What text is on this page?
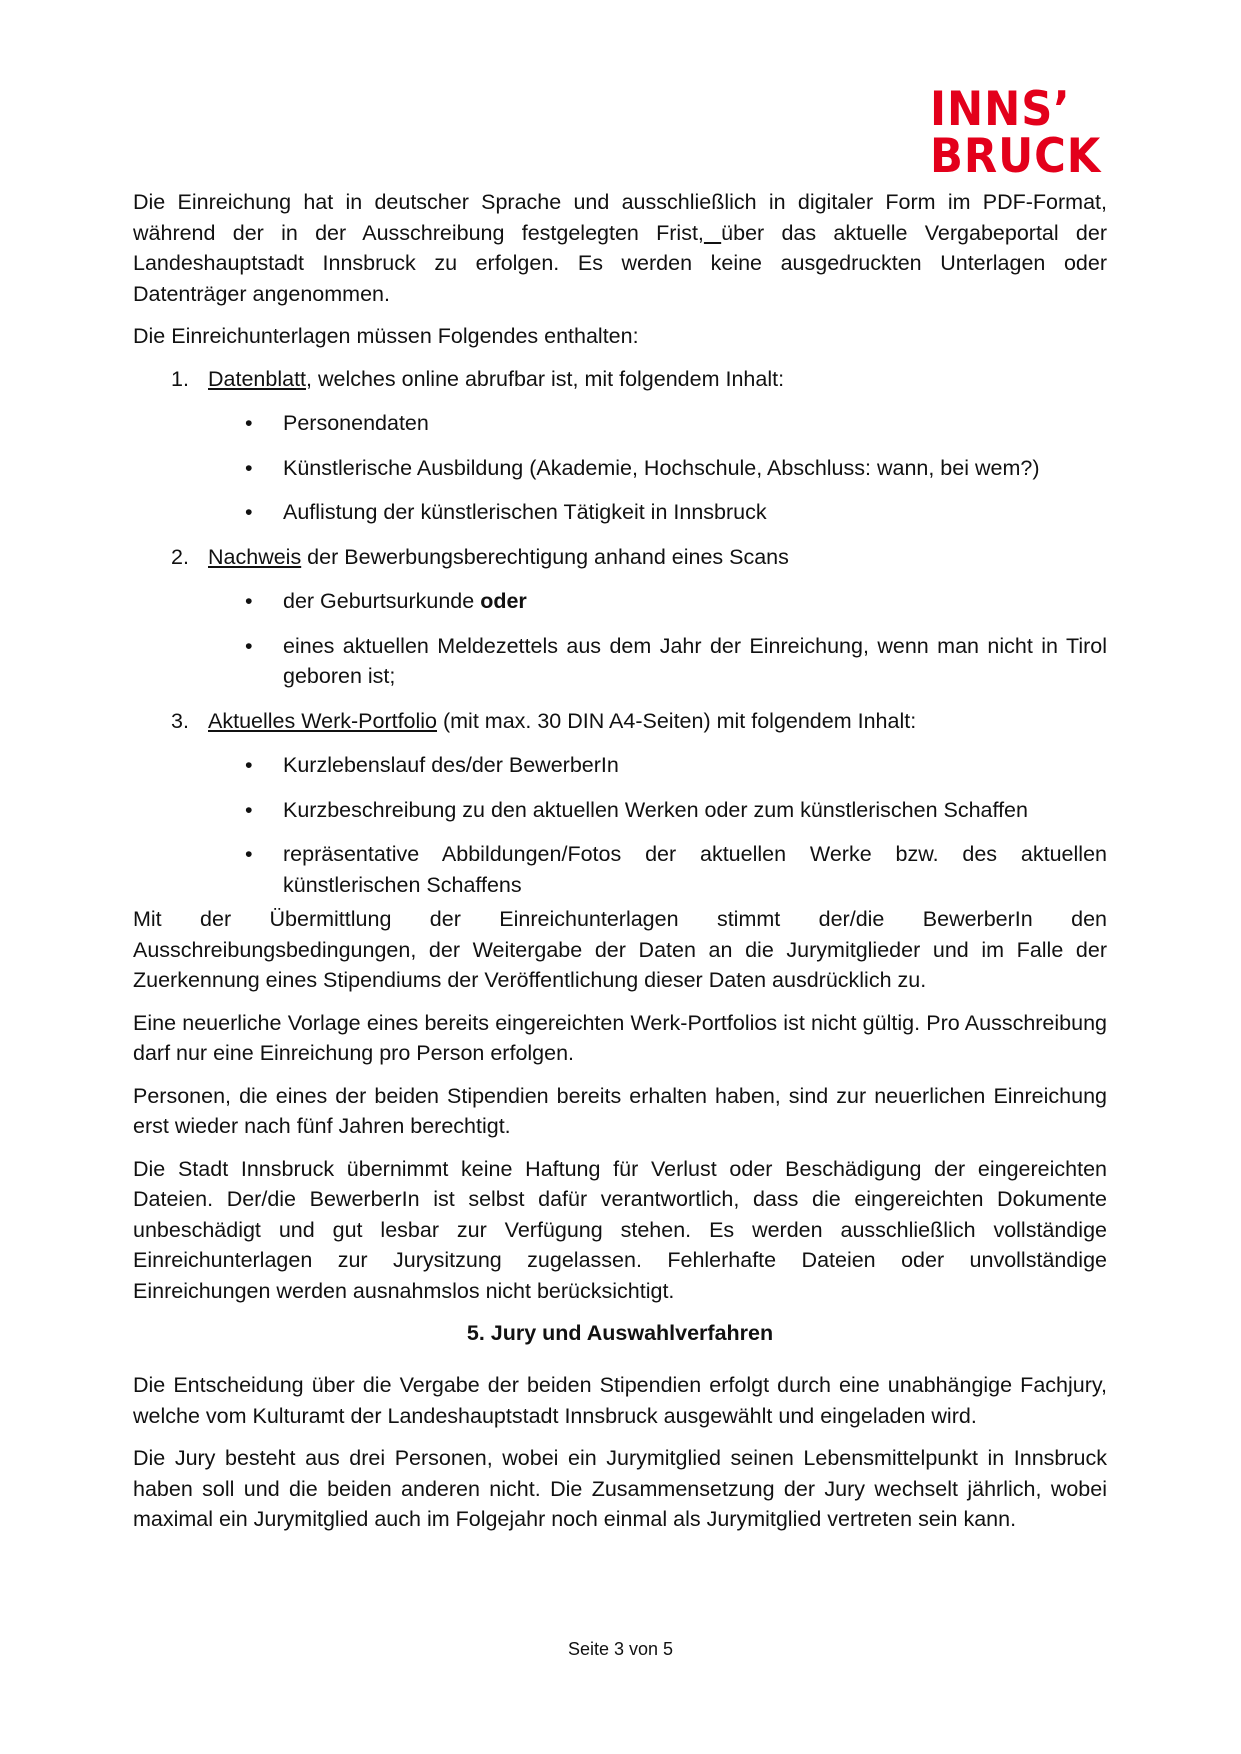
INNS’
BRUCK

Die Einreichung hat in deutscher Sprache und ausschließlich in digitaler Form im PDF-Format, während der in der Ausschreibung festgelegten Frist, über das aktuelle Vergabeportal der Landeshauptstadt Innsbruck zu erfolgen. Es werden keine ausgedruckten Unterlagen oder Datenträger angenommen.

Die Einreichunterlagen müssen Folgendes enthalten:

1. Datenblatt, welches online abrufbar ist, mit folgendem Inhalt:
• Personendaten
• Künstlerische Ausbildung (Akademie, Hochschule, Abschluss: wann, bei wem?)
• Auflistung der künstlerischen Tätigkeit in Innsbruck
2. Nachweis der Bewerbungsberechtigung anhand eines Scans
• der Geburtsurkunde oder
• eines aktuellen Meldezettels aus dem Jahr der Einreichung, wenn man nicht in Tirol geboren ist;
3. Aktuelles Werk-Portfolio (mit max. 30 DIN A4-Seiten) mit folgendem Inhalt:
• Kurzlebenslauf des/der BewerberIn
• Kurzbeschreibung zu den aktuellen Werken oder zum künstlerischen Schaffen
• repräsentative Abbildungen/Fotos der aktuellen Werke bzw. des aktuellen künstlerischen Schaffens

Mit der Übermittlung der Einreichunterlagen stimmt der/die BewerberIn den Ausschreibungsbedingungen, der Weitergabe der Daten an die Jurymitglieder und im Falle der Zuerkennung eines Stipendiums der Veröffentlichung dieser Daten ausdrücklich zu.

Eine neuerliche Vorlage eines bereits eingereichten Werk-Portfolios ist nicht gültig. Pro Ausschreibung darf nur eine Einreichung pro Person erfolgen.

Personen, die eines der beiden Stipendien bereits erhalten haben, sind zur neuerlichen Einreichung erst wieder nach fünf Jahren berechtigt.

Die Stadt Innsbruck übernimmt keine Haftung für Verlust oder Beschädigung der eingereichten Dateien. Der/die BewerberIn ist selbst dafür verantwortlich, dass die eingereichten Dokumente unbeschädigt und gut lesbar zur Verfügung stehen. Es werden ausschließlich vollständige Einreichunterlagen zur Jurysitzung zugelassen. Fehlerhafte Dateien oder unvollständige Einreichungen werden ausnahmslos nicht berücksichtigt.

5. Jury und Auswahlverfahren

Die Entscheidung über die Vergabe der beiden Stipendien erfolgt durch eine unabhängige Fachjury, welche vom Kulturamt der Landeshauptstadt Innsbruck ausgewählt und eingeladen wird.

Die Jury besteht aus drei Personen, wobei ein Jurymitglied seinen Lebensmittelpunkt in Innsbruck haben soll und die beiden anderen nicht. Die Zusammensetzung der Jury wechselt jährlich, wobei maximal ein Jurymitglied auch im Folgejahr noch einmal als Jurymitglied vertreten sein kann.

Seite 3 von 5
